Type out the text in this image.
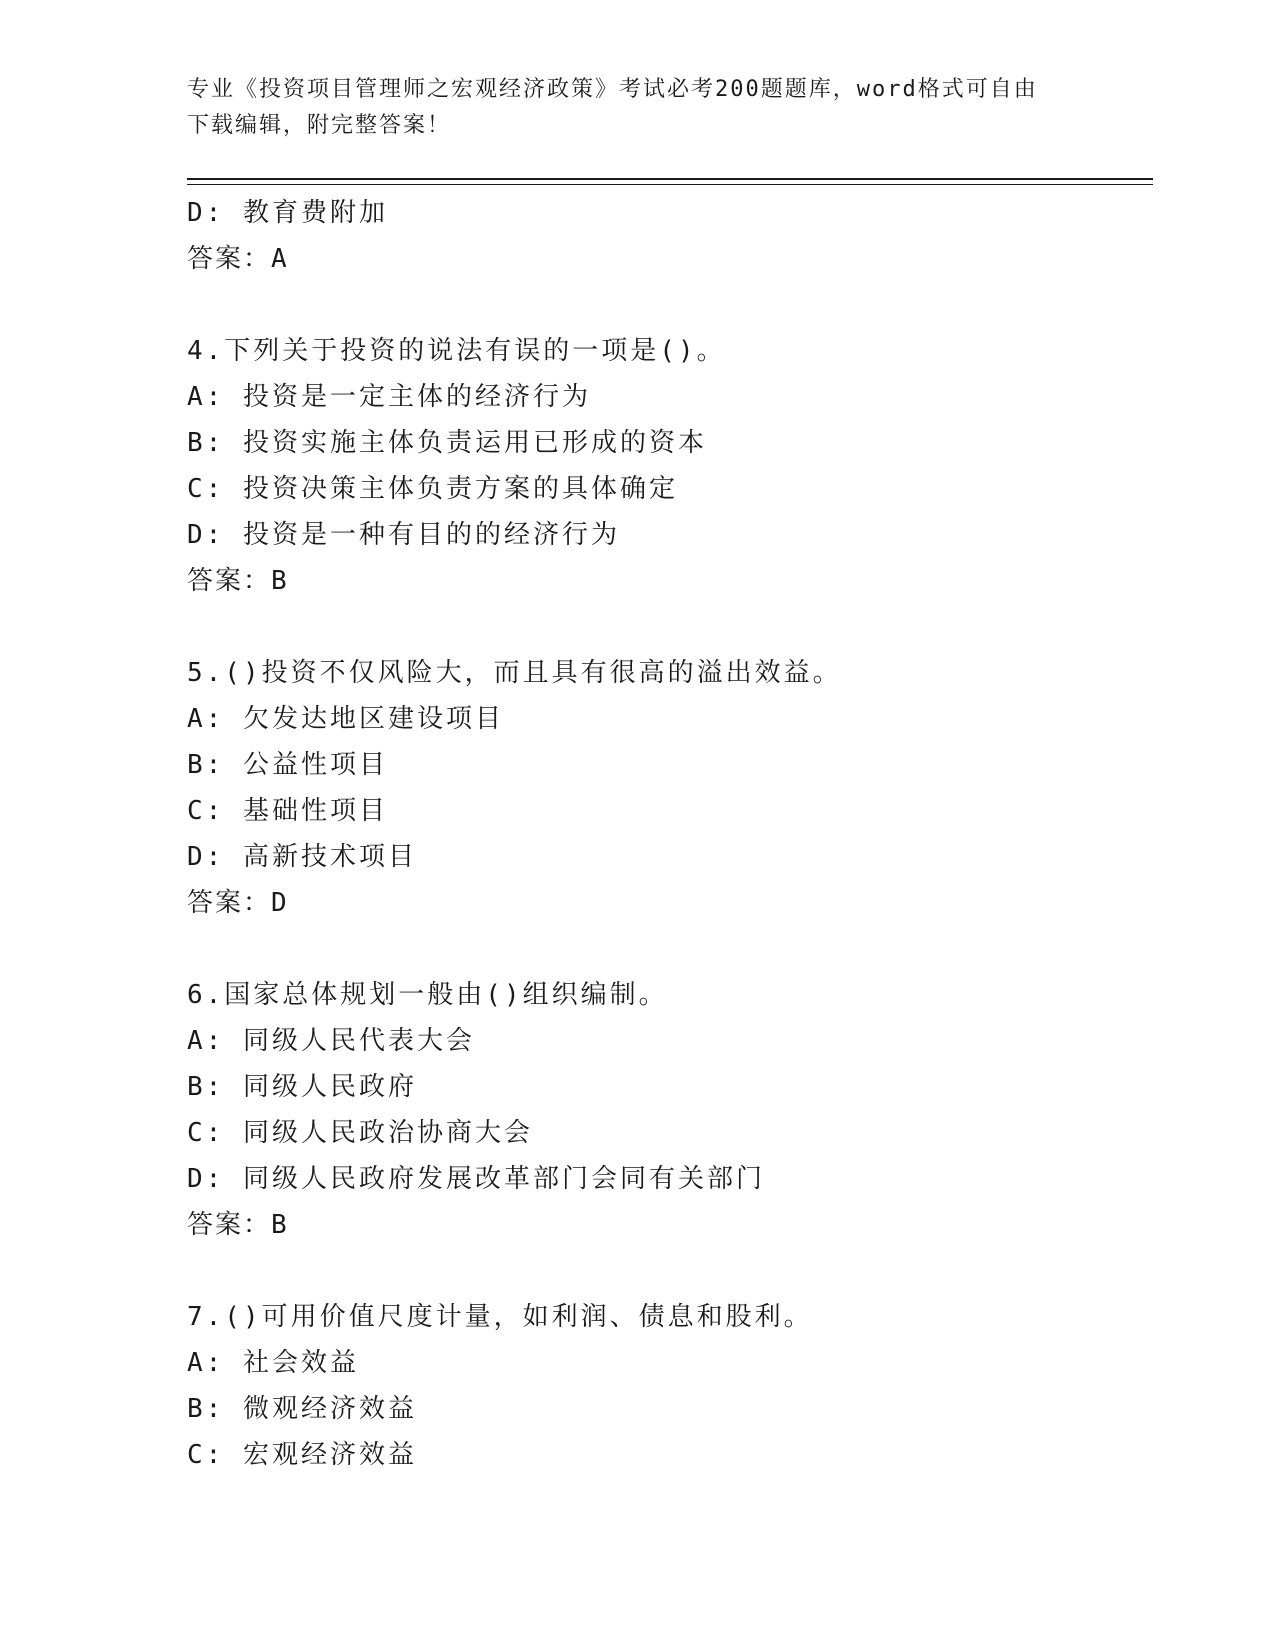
专业《投资项目管理师之宏观经济政策》考试必考200题题库，word格式可自由
下载编辑，附完整答案！
D: 教育费附加
答案：A
4.下列关于投资的说法有误的一项是()。
A: 投资是一定主体的经济行为
B: 投资实施主体负责运用已形成的资本
C: 投资决策主体负责方案的具体确定
D: 投资是一种有目的的经济行为
答案：B
5.()投资不仅风险大，而且具有很高的溢出效益。
A: 欠发达地区建设项目
B: 公益性项目
C: 基础性项目
D: 高新技术项目
答案：D
6.国家总体规划一般由()组织编制。
A: 同级人民代表大会
B: 同级人民政府
C: 同级人民政治协商大会
D: 同级人民政府发展改革部门会同有关部门
答案：B
7.()可用价值尺度计量，如利润、债息和股利。
A: 社会效益
B: 微观经济效益
C: 宏观经济效益
